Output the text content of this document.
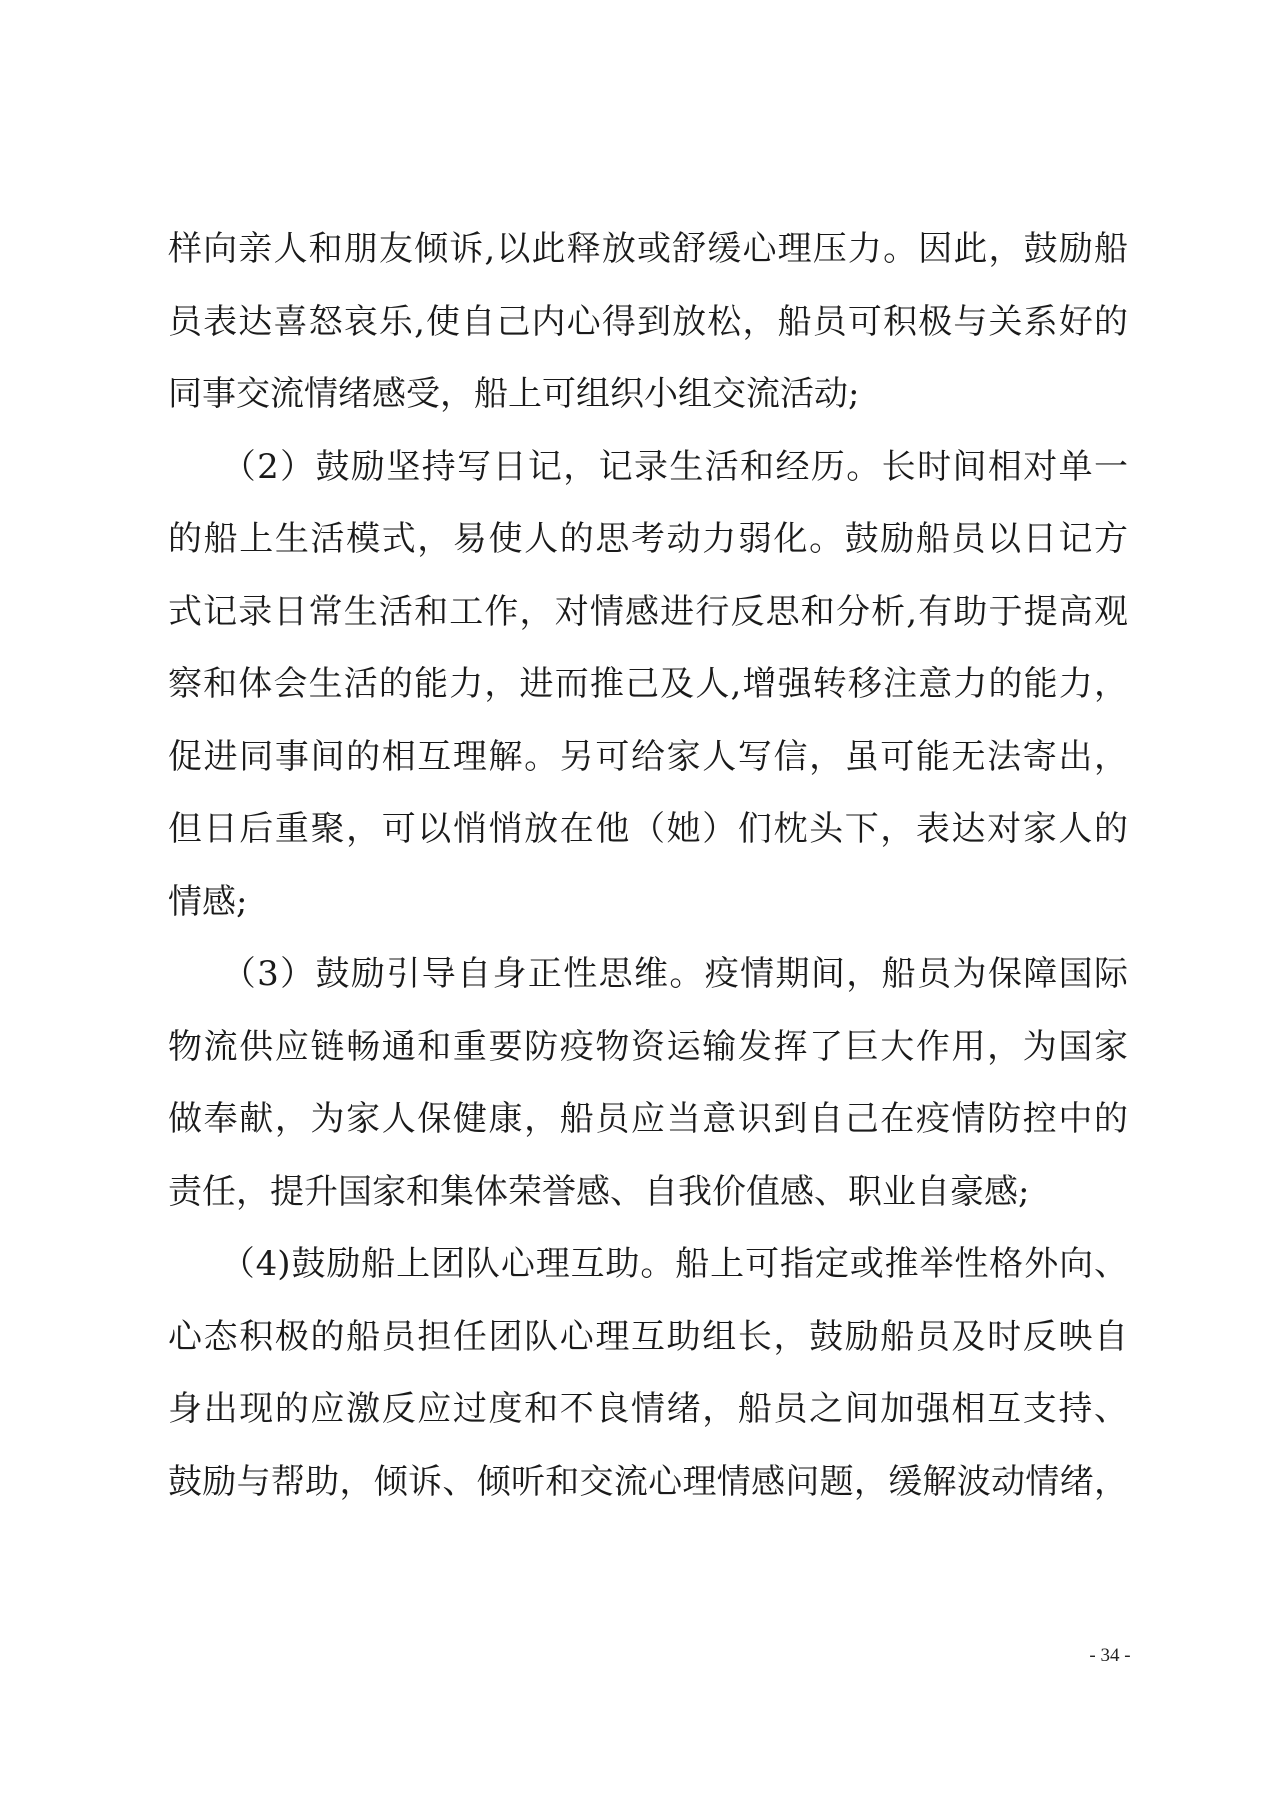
样向亲人和朋友倾诉,以此释放或舒缓心理压力。因此，鼓励船
员表达喜怒哀乐,使自己内心得到放松，船员可积极与关系好的
同事交流情绪感受，船上可组织小组交流活动;
　　（2）鼓励坚持写日记，记录生活和经历。长时间相对单一
的船上生活模式，易使人的思考动力弱化。鼓励船员以日记方
式记录日常生活和工作，对情感进行反思和分析,有助于提高观
察和体会生活的能力，进而推己及人,增强转移注意力的能力，
促进同事间的相互理解。另可给家人写信，虽可能无法寄出，
但日后重聚，可以悄悄放在他（她）们枕头下，表达对家人的
情感;
　　（3）鼓励引导自身正性思维。疫情期间，船员为保障国际
物流供应链畅通和重要防疫物资运输发挥了巨大作用，为国家
做奉献，为家人保健康，船员应当意识到自己在疫情防控中的
责任，提升国家和集体荣誉感、自我价值感、职业自豪感;
　　（4)鼓励船上团队心理互助。船上可指定或推举性格外向、
心态积极的船员担任团队心理互助组长，鼓励船员及时反映自
身出现的应激反应过度和不良情绪，船员之间加强相互支持、
鼓励与帮助，倾诉、倾听和交流心理情感问题，缓解波动情绪，
- 34 -
